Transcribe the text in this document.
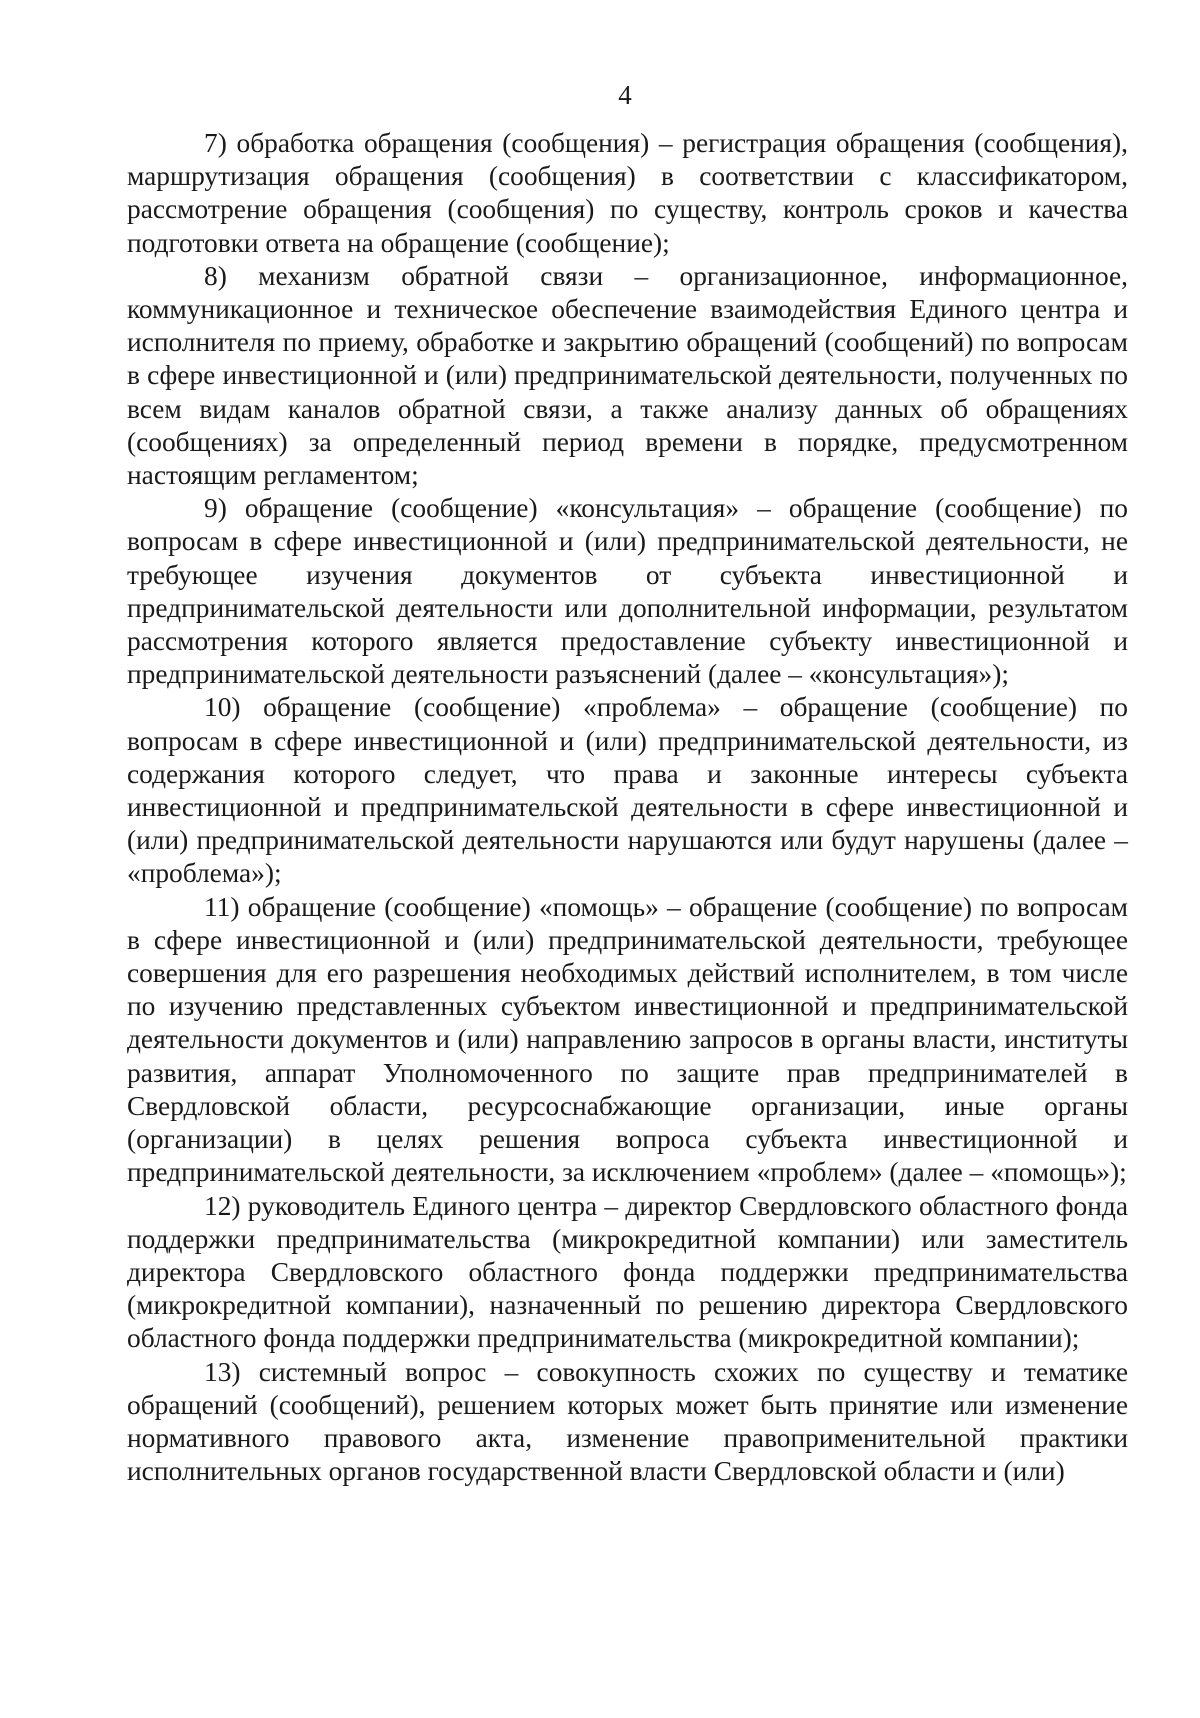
4

7) обработка обращения (сообщения) – регистрация обращения (сообщения), маршрутизация обращения (сообщения) в соответствии с классификатором, рассмотрение обращения (сообщения) по существу, контроль сроков и качества подготовки ответа на обращение (сообщение);

8) механизм обратной связи – организационное, информационное, коммуникационное и техническое обеспечение взаимодействия Единого центра и исполнителя по приему, обработке и закрытию обращений (сообщений) по вопросам в сфере инвестиционной и (или) предпринимательской деятельности, полученных по всем видам каналов обратной связи, а также анализу данных об обращениях (сообщениях) за определенный период времени в порядке, предусмотренном настоящим регламентом;

9) обращение (сообщение) «консультация» – обращение (сообщение) по вопросам в сфере инвестиционной и (или) предпринимательской деятельности, не требующее изучения документов от субъекта инвестиционной и предпринимательской деятельности или дополнительной информации, результатом рассмотрения которого является предоставление субъекту инвестиционной и предпринимательской деятельности разъяснений (далее – «консультация»);

10) обращение (сообщение) «проблема» – обращение (сообщение) по вопросам в сфере инвестиционной и (или) предпринимательской деятельности, из содержания которого следует, что права и законные интересы субъекта инвестиционной и предпринимательской деятельности в сфере инвестиционной и (или) предпринимательской деятельности нарушаются или будут нарушены (далее – «проблема»);

11) обращение (сообщение) «помощь» – обращение (сообщение) по вопросам в сфере инвестиционной и (или) предпринимательской деятельности, требующее совершения для его разрешения необходимых действий исполнителем, в том числе по изучению представленных субъектом инвестиционной и предпринимательской деятельности документов и (или) направлению запросов в органы власти, институты развития, аппарат Уполномоченного по защите прав предпринимателей в Свердловской области, ресурсоснабжающие организации, иные органы (организации) в целях решения вопроса субъекта инвестиционной и предпринимательской деятельности, за исключением «проблем» (далее – «помощь»);

12) руководитель Единого центра – директор Свердловского областного фонда поддержки предпринимательства (микрокредитной компании) или заместитель директора Свердловского областного фонда поддержки предпринимательства (микрокредитной компании), назначенный по решению директора Свердловского областного фонда поддержки предпринимательства (микрокредитной компании);

13) системный вопрос – совокупность схожих по существу и тематике обращений (сообщений), решением которых может быть принятие или изменение нормативного правового акта, изменение правоприменительной практики исполнительных органов государственной власти Свердловской области и (или)
